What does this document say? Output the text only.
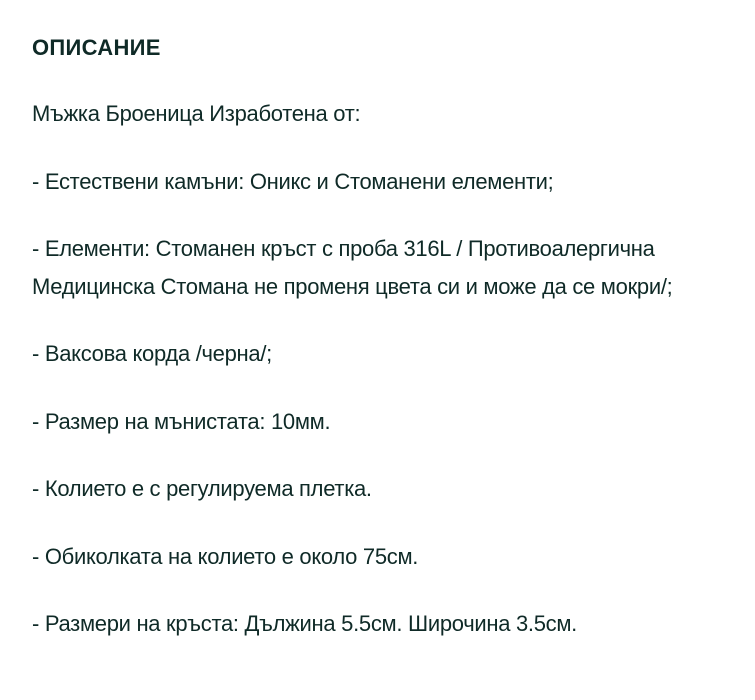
ОПИСАНИЕ

Мъжка Броеница Изработена от:

- Естествени камъни: Оникс и Стоманени елементи;

- Елементи: Стоманен кръст с проба 316L / Противоалергична Медицинска Стомана не променя цвета си и може да се мокри/;

- Ваксова корда /черна/;

- Размер на мънистата: 10мм.

- Колието е с регулируема плетка.

- Обиколката на колието е около 75см.

- Размери на кръста: Дължина 5.5см. Широчина 3.5см.
